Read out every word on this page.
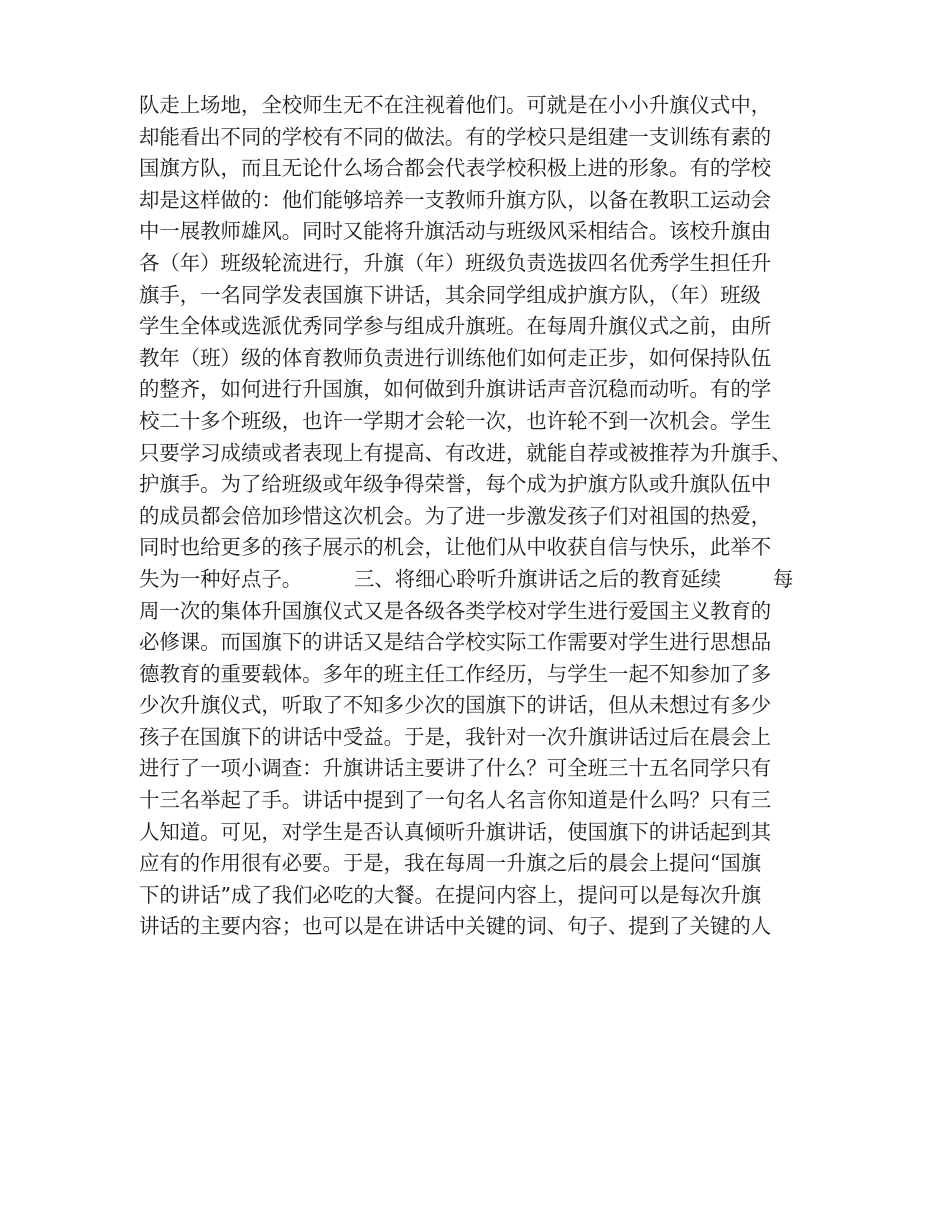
队走上场地，全校师生无不在注视着他们。可就是在小小升旗仪式中，
却能看出不同的学校有不同的做法。有的学校只是组建一支训练有素的
国旗方队，而且无论什么场合都会代表学校积极上进的形象。有的学校
却是这样做的：他们能够培养一支教师升旗方队，以备在教职工运动会
中一展教师雄风。同时又能将升旗活动与班级风采相结合。该校升旗由
各（年）班级轮流进行，升旗（年）班级负责选拔四名优秀学生担任升
旗手，一名同学发表国旗下讲话，其余同学组成护旗方队，（年）班级
学生全体或选派优秀同学参与组成升旗班。在每周升旗仪式之前，由所
教年（班）级的体育教师负责进行训练他们如何走正步，如何保持队伍
的整齐，如何进行升国旗，如何做到升旗讲话声音沉稳而动听。有的学
校二十多个班级，也许一学期才会轮一次，也许轮不到一次机会。学生
只要学习成绩或者表现上有提高、有改进，就能自荐或被推荐为升旗手、
护旗手。为了给班级或年级争得荣誉，每个成为护旗方队或升旗队伍中
的成员都会倍加珍惜这次机会。为了进一步激发孩子们对祖国的热爱，
同时也给更多的孩子展示的机会，让他们从中收获自信与快乐，此举不
失为一种好点子。        三、将细心聆听升旗讲话之后的教育延续        每
周一次的集体升国旗仪式又是各级各类学校对学生进行爱国主义教育的
必修课。而国旗下的讲话又是结合学校实际工作需要对学生进行思想品
德教育的重要载体。多年的班主任工作经历，与学生一起不知参加了多
少次升旗仪式，听取了不知多少次的国旗下的讲话，但从未想过有多少
孩子在国旗下的讲话中受益。于是，我针对一次升旗讲话过后在晨会上
进行了一项小调查：升旗讲话主要讲了什么？可全班三十五名同学只有
十三名举起了手。讲话中提到了一句名人名言你知道是什么吗？只有三
人知道。可见，对学生是否认真倾听升旗讲话，使国旗下的讲话起到其
应有的作用很有必要。于是，我在每周一升旗之后的晨会上提问“国旗
下的讲话”成了我们必吃的大餐。在提问内容上，提问可以是每次升旗
讲话的主要内容；也可以是在讲话中关键的词、句子、提到了关键的人
